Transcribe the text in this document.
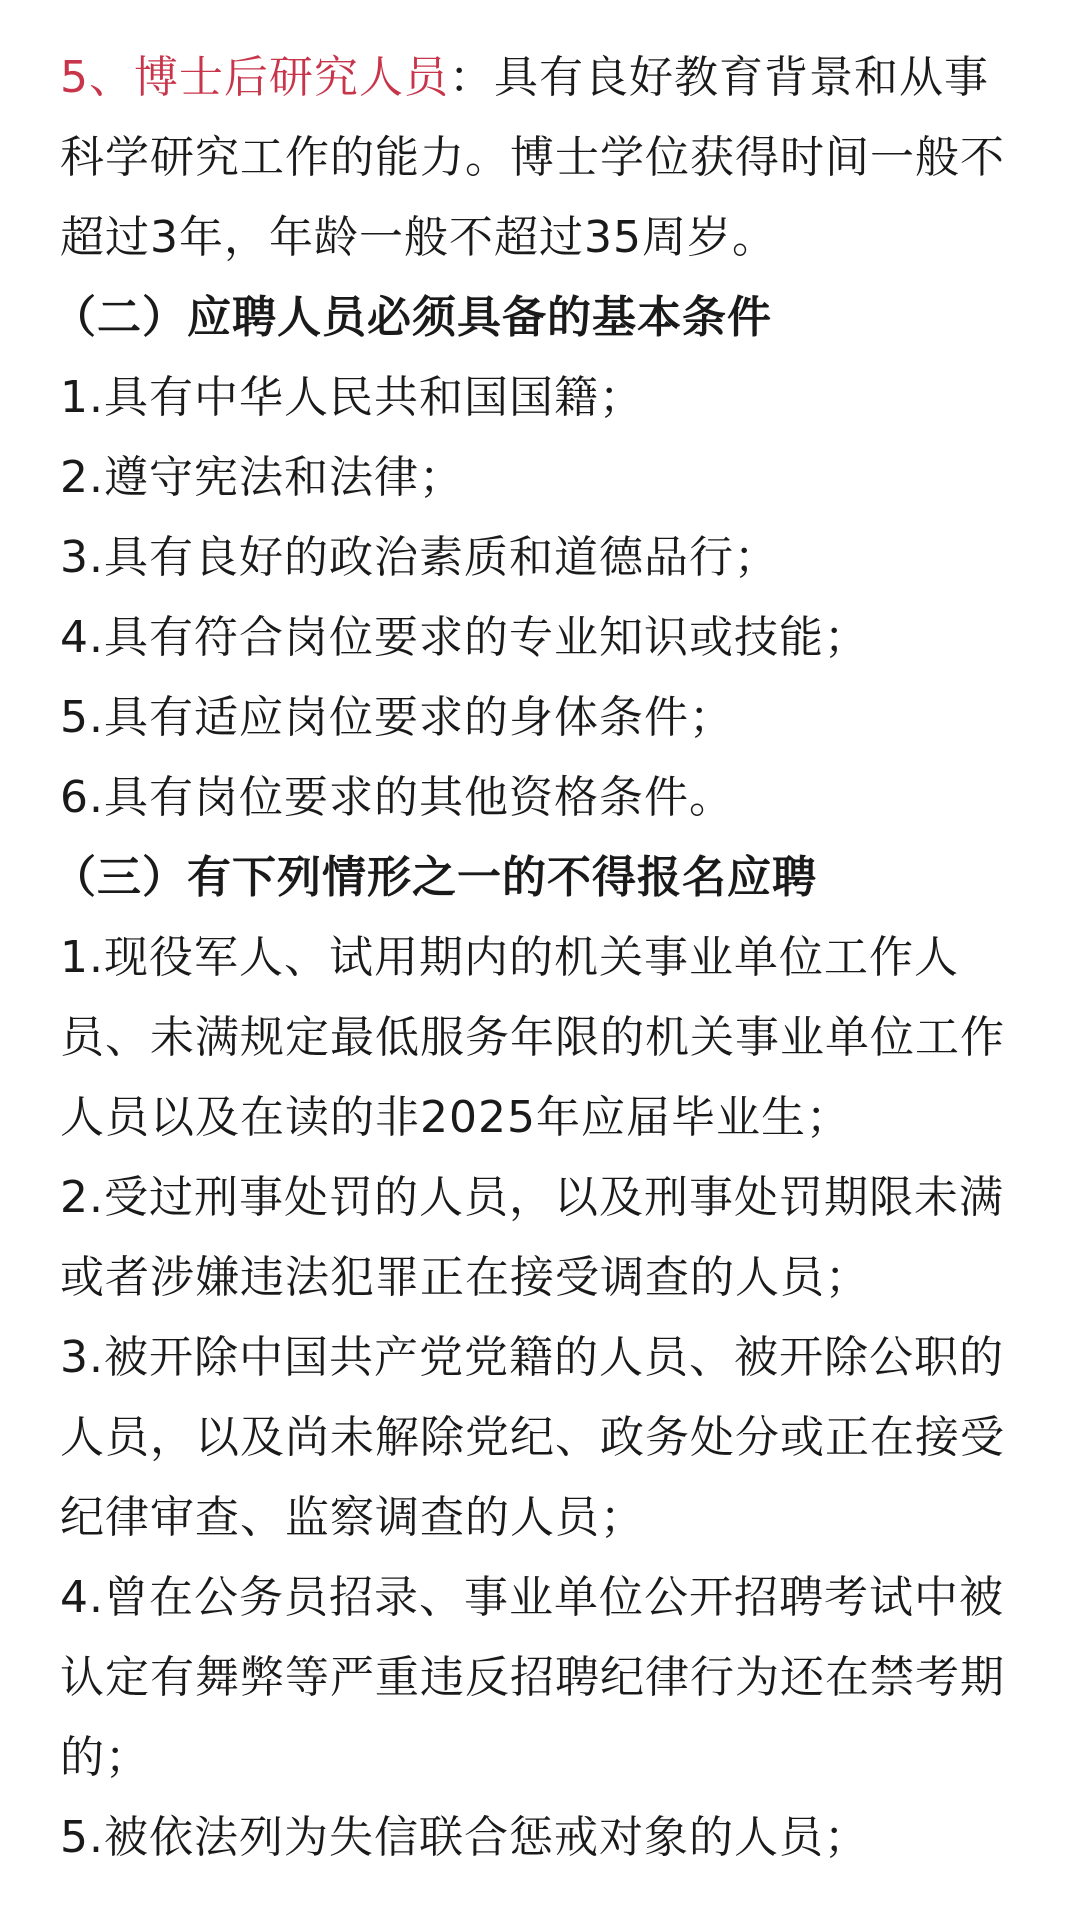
5、博士后研究人员：具有良好教育背景和从事科学研究工作的能力。博士学位获得时间一般不超过3年，年龄一般不超过35周岁。

（二）应聘人员必须具备的基本条件

1.具有中华人民共和国国籍；

2.遵守宪法和法律；

3.具有良好的政治素质和道德品行；

4.具有符合岗位要求的专业知识或技能；

5.具有适应岗位要求的身体条件；

6.具有岗位要求的其他资格条件。

（三）有下列情形之一的不得报名应聘

1.现役军人、试用期内的机关事业单位工作人员、未满规定最低服务年限的机关事业单位工作人员以及在读的非2025年应届毕业生；

2.受过刑事处罚的人员，以及刑事处罚期限未满或者涉嫌违法犯罪正在接受调查的人员；

3.被开除中国共产党党籍的人员、被开除公职的人员，以及尚未解除党纪、政务处分或正在接受纪律审查、监察调查的人员；

4.曾在公务员招录、事业单位公开招聘考试中被认定有舞弊等严重违反招聘纪律行为还在禁考期的；

5.被依法列为失信联合惩戒对象的人员；
